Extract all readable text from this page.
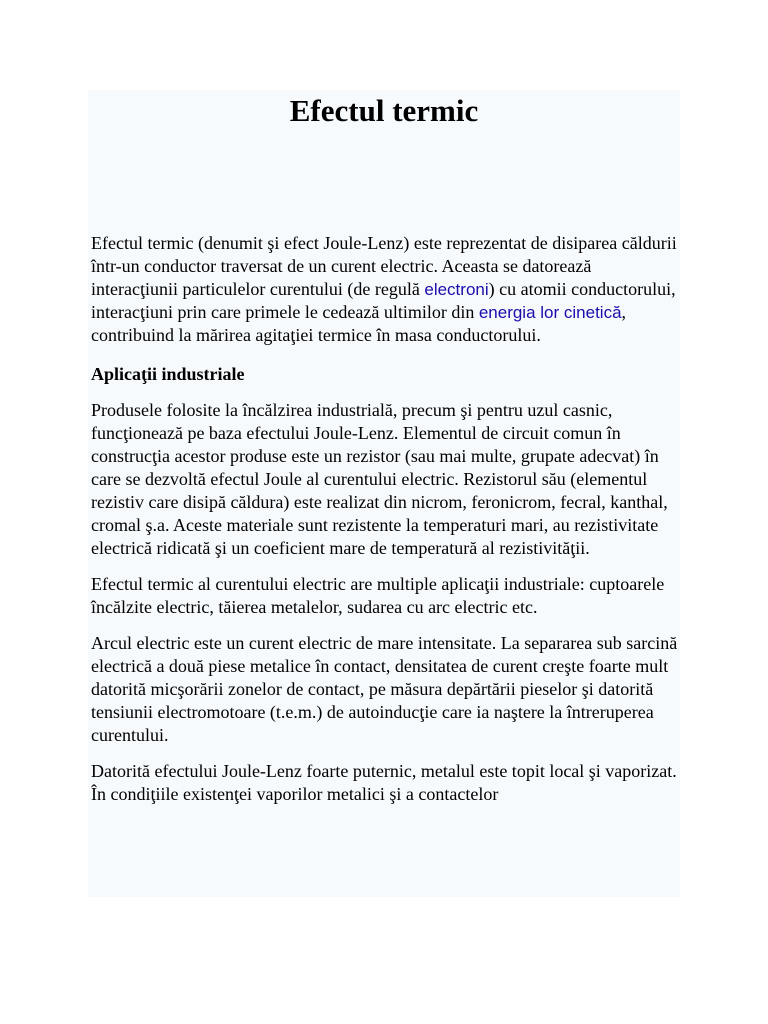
Efectul termic

Efectul termic (denumit şi efect Joule-Lenz) este reprezentat de disiparea căldurii într-un conductor traversat de un curent electric. Aceasta se datorează interacţiunii particulelor curentului (de regulă electroni) cu atomii conductorului, interacţiuni prin care primele le cedează ultimilor din energia lor cinetică, contribuind la mărirea agitaţiei termice în masa conductorului.

Aplicaţii industriale

Produsele folosite la încălzirea industrială, precum şi pentru uzul casnic, funcţionează pe baza efectului Joule-Lenz. Elementul de circuit comun în construcţia acestor produse este un rezistor (sau mai multe, grupate adecvat) în care se dezvoltă efectul Joule al curentului electric. Rezistorul său (elementul rezistiv care disipă căldura) este realizat din nicrom, feronicrom, fecral, kanthal, cromal ş.a. Aceste materiale sunt rezistente la temperaturi mari, au rezistivitate electrică ridicată şi un coeficient mare de temperatură al rezistivităţii.

Efectul termic al curentului electric are multiple aplicaţii industriale: cuptoarele încălzite electric, tăierea metalelor, sudarea cu arc electric etc.

Arcul electric este un curent electric de mare intensitate. La separarea sub sarcină electrică a două piese metalice în contact, densitatea de curent creşte foarte mult datorită micşorării zonelor de contact, pe măsura depărtării pieselor şi datorită tensiunii electromotoare (t.e.m.) de autoinducţie care ia naştere la întreruperea curentului.

Datorită efectului Joule-Lenz foarte puternic, metalul este topit local şi vaporizat. În condiţiile existenţei vaporilor metalici şi a contactelor
